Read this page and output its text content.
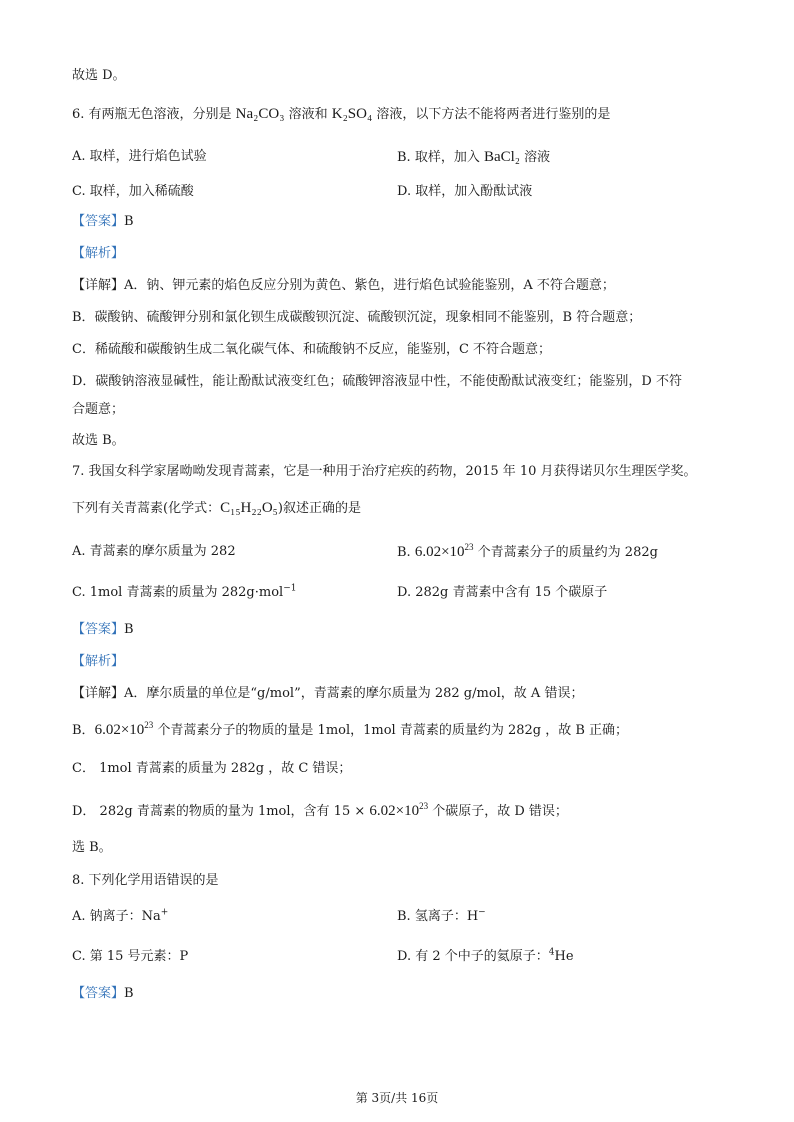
故选 D。
6. 有两瓶无色溶液，分别是 Na₂CO₃ 溶液和 K₂SO₄ 溶液，以下方法不能将两者进行鉴别的是
A. 取样，进行焰色试验	B. 取样，加入 BaCl₂ 溶液
C. 取样，加入稀硫酸	D. 取样，加入酚酞试液
【答案】B
【解析】
【详解】A．钠、钾元素的焰色反应分别为黄色、紫色，进行焰色试验能鉴别，A 不符合题意；
B．碳酸钠、硫酸钾分别和氯化钡生成碳酸钡沉淀、硫酸钡沉淀，现象相同不能鉴别，B 符合题意；
C．稀硫酸和碳酸钠生成二氧化碳气体、和硫酸钠不反应，能鉴别，C 不符合题意；
D．碳酸钠溶液显碱性，能让酚酞试液变红色；硫酸钾溶液显中性，不能使酚酞试液变红；能鉴别，D 不符
合题意；
故选 B。
7. 我国女科学家屠呦呦发现青蒿素，它是一种用于治疗疟疾的药物，2015 年 10 月获得诺贝尔生理医学奖。
下列有关青蒿素(化学式：C₁₅H₂₂O₅)叙述正确的是
A. 青蒿素的摩尔质量为 282	B. $6.02\times 10^{23}$ 个青蒿素分子的质量约为 282g
C. 1mol 青蒿素的质量为 282g·mol$^{-1}$	D. 282g 青蒿素中含有 15 个碳原子
【答案】B
【解析】
【详解】A．摩尔质量的单位是“g/mol”，青蒿素的摩尔质量为 282 g/mol，故 A 错误；
B．$6.02\times 10^{23}$ 个青蒿素分子的物质的量是 1mol，1mol 青蒿素的质量约为 282g ，故 B 正确；
C． 1mol 青蒿素的质量为 282g ，故 C 错误；
D． 282g 青蒿素的物质的量为 1mol，含有 $15 \times 6.02\times 10^{23}$ 个碳原子，故 D 错误；
选 B。
8. 下列化学用语错误的是
A. 钠离子：Na+	B. 氢离子：H−
C. 第 15 号元素：P	D. 有 2 个中子的氦原子：$^4$He
【答案】B
第 3页/共 16页
